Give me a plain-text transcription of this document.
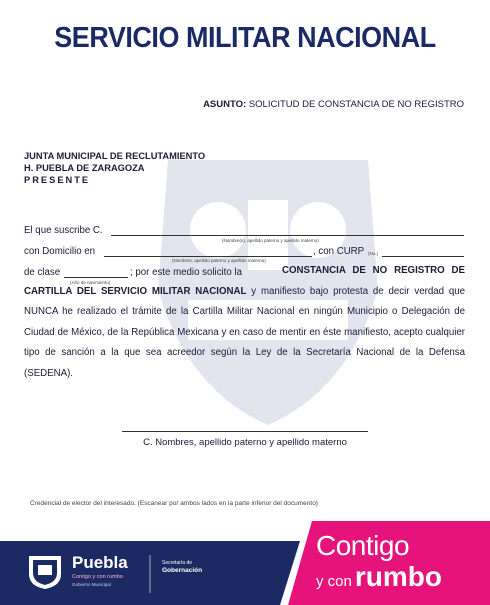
SERVICIO MILITAR NACIONAL
ASUNTO: SOLICITUD DE CONSTANCIA DE NO REGISTRO
JUNTA MUNICIPAL DE RECLUTAMIENTO
H. PUEBLA DE ZARAGOZA
PRESENTE
El que suscribe C.
(Nombre(s), apellido paterno y apellido materno)
con Domicilio en
(Nombres, apellido paterno y apellido materno)
, con CURP (No.)
de clase
(Año de nacimiento)
; por este medio solicito la	CONSTANCIA DE NO REGISTRO DE CARTILLA DEL SERVICIO MILITAR NACIONAL y manifiesto bajo protesta de decir verdad que NUNCA he realizado el trámite de la Cartilla Militar Nacional en ningún Municipio o Delegación de Ciudad de México, de la República Mexicana y en caso de mentir en éste manifiesto, acepto cualquier tipo de sanción a la que sea acreedor según la Ley de la Secretaría Nacional de la Defensa (SEDENA).
C. Nombres, apellido paterno y apellido materno
Credencial de elector del interesado. (Escanear por ambos lados en la parte inferior del documento)
Puebla
Contigo y con rumbo
Gobierno Municipal
Secretaría de
Gobernación
Contigo
y con rumbo
